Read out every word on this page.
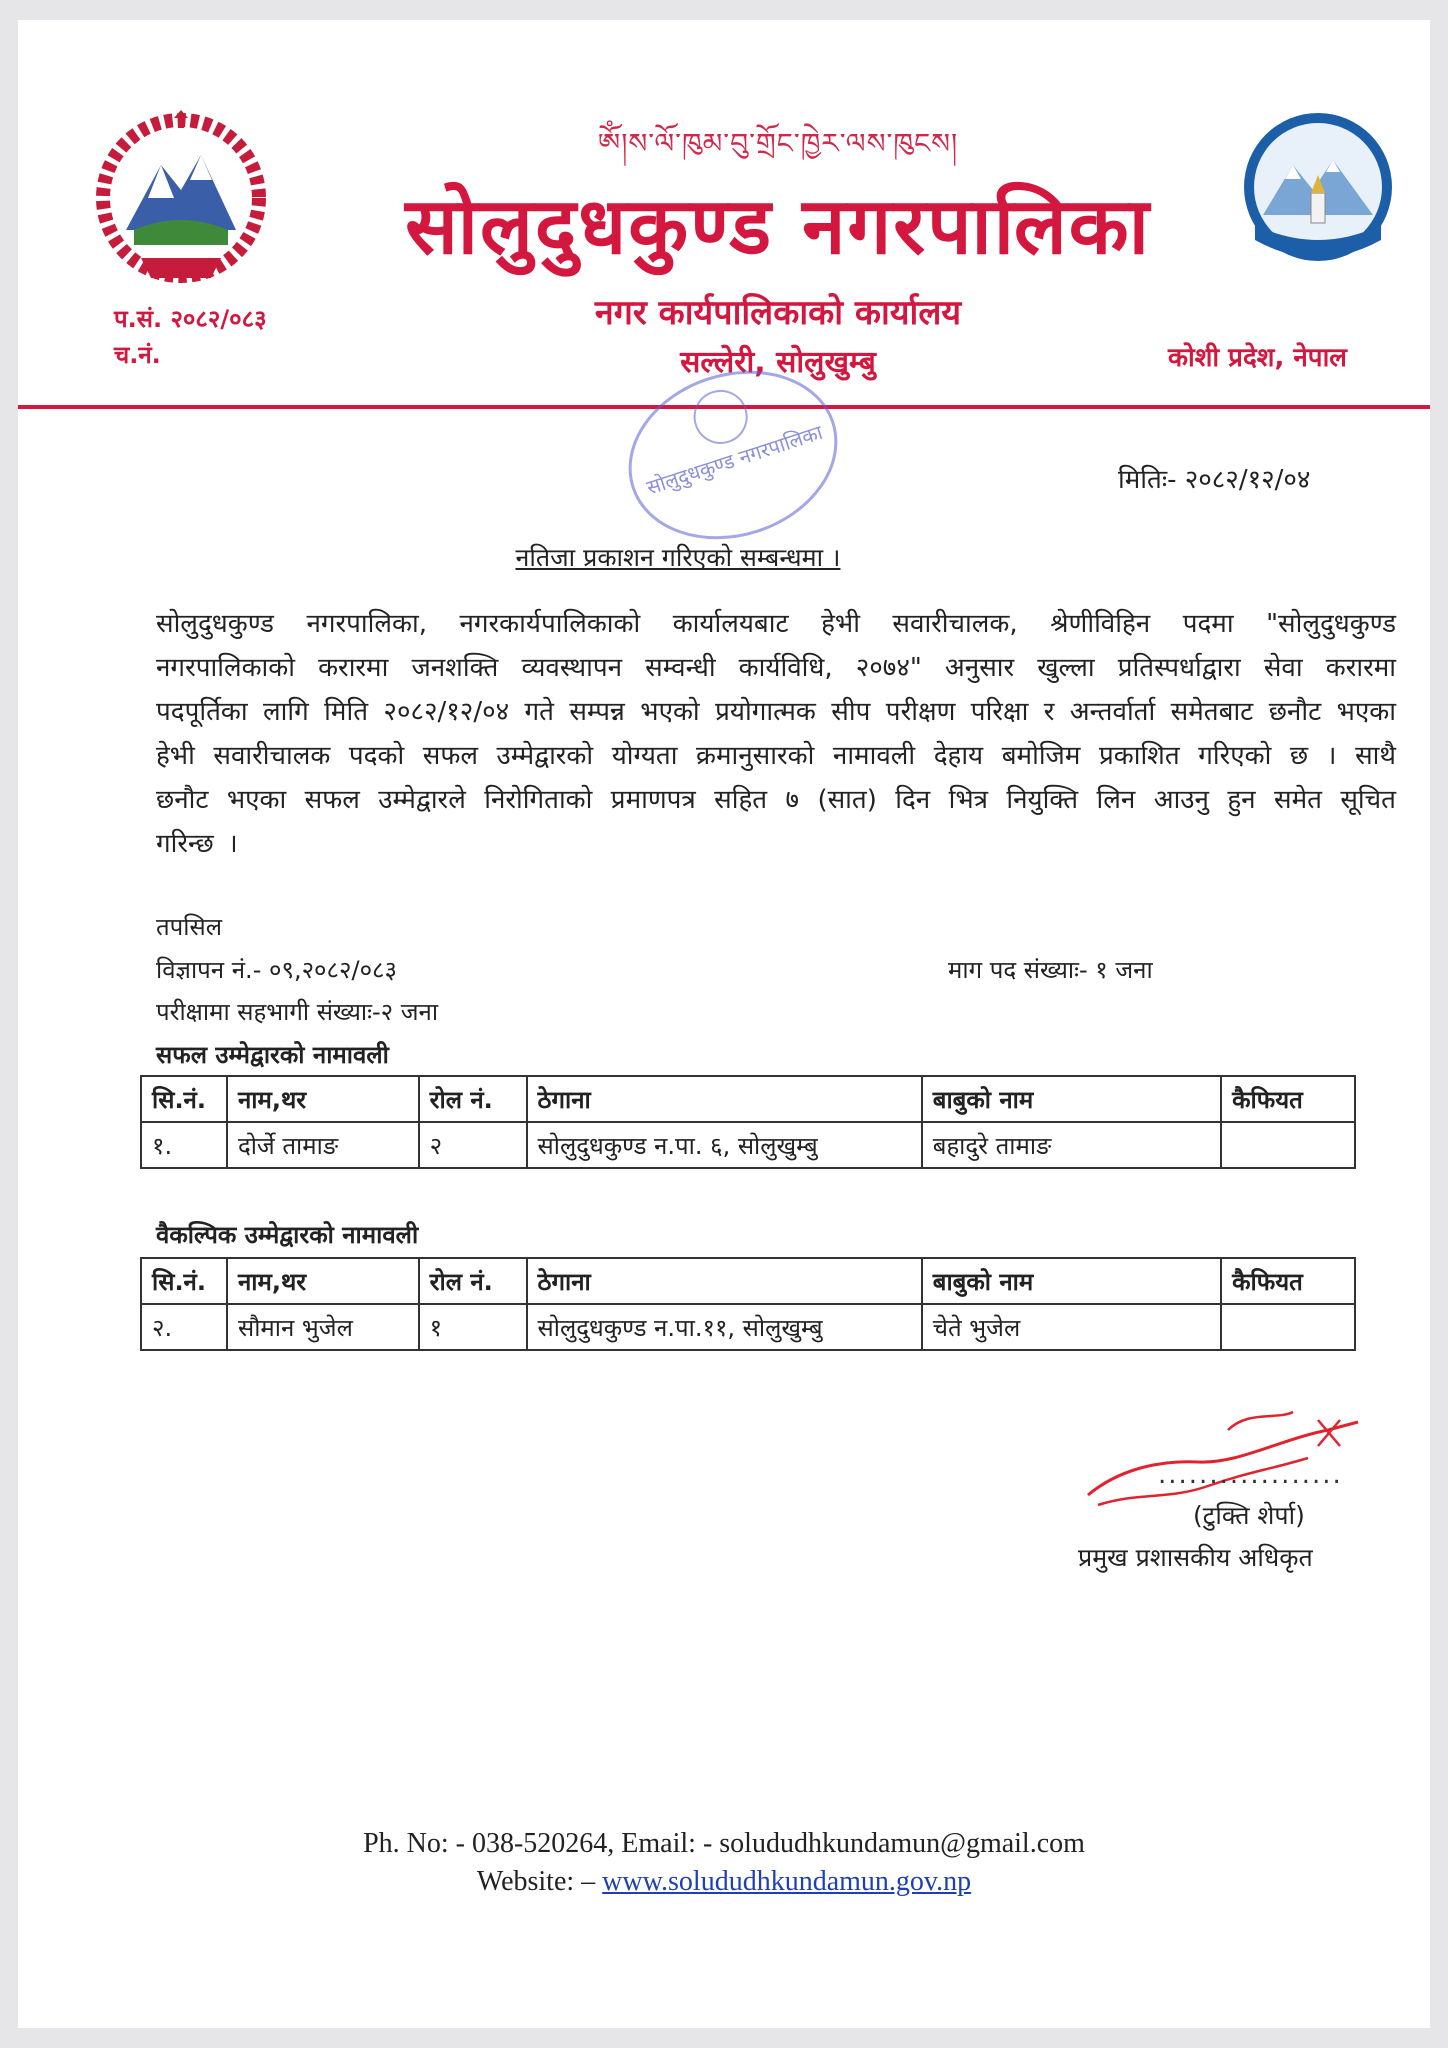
ༀ།ས་ལོ་ཁུམ་བུ་གྲོང་ཁྱེར་ལས་ཁུངས།
सोलुदुधकुण्ड नगरपालिका
नगर कार्यपालिकाको कार्यालय
सल्लेरी, सोलुखुम्बु
प.सं. २०८२/०८३
च.नं.	कोशी प्रदेश, नेपाल
सोलुदुधकुण्ड नगरपालिका	मितिः- २०८२/१२/०४
नतिजा प्रकाशन गरिएको सम्बन्धमा ।
सोलुदुधकुण्ड नगरपालिका, नगरकार्यपालिकाको कार्यालयबाट हेभी सवारीचालक, श्रेणीविहिन पदमा "सोलुदुधकुण्ड नगरपालिकाको करारमा जनशक्ति व्यवस्थापन सम्वन्धी कार्यविधि, २०७४" अनुसार खुल्ला प्रतिस्पर्धाद्वारा सेवा करारमा पदपूर्तिका लागि मिति २०८२/१२/०४ गते सम्पन्न भएको प्रयोगात्मक सीप परीक्षण परिक्षा र अन्तर्वार्ता समेतबाट छनौट भएका हेभी सवारीचालक पदको सफल उम्मेद्वारको योग्यता क्रमानुसारको नामावली देहाय बमोजिम प्रकाशित गरिएको छ । साथै छनौट भएका सफल उम्मेद्वारले निरोगिताको प्रमाणपत्र सहित ७ (सात) दिन भित्र नियुक्ति लिन आउनु हुन समेत सूचित गरिन्छ ।
तपसिल
विज्ञापन नं.- ०९,२०८२/०८३	माग पद संख्याः- १ जना
परीक्षामा सहभागी संख्याः-२ जना
सफल उम्मेद्वारको नामावली
सि.नं.	नाम,थर	रोल नं.	ठेगाना	बाबुको नाम	कैफियत
१.	दोर्जे तामाङ	२	सोलुदुधकुण्ड न.पा. ६, सोलुखुम्बु	बहादुरे तामाङ	
वैकल्पिक उम्मेद्वारको नामावली
सि.नं.	नाम,थर	रोल नं.	ठेगाना	बाबुको नाम	कैफियत
२.	सौमान भुजेल	१	सोलुदुधकुण्ड न.पा.११, सोलुखुम्बु	चेते भुजेल	
..................
(टुक्ति शेर्पा)
प्रमुख प्रशासकीय अधिकृत
Ph. No: - 038-520264, Email: - solududhkundamun@gmail.com
Website: – www.solududhkundamun.gov.np
